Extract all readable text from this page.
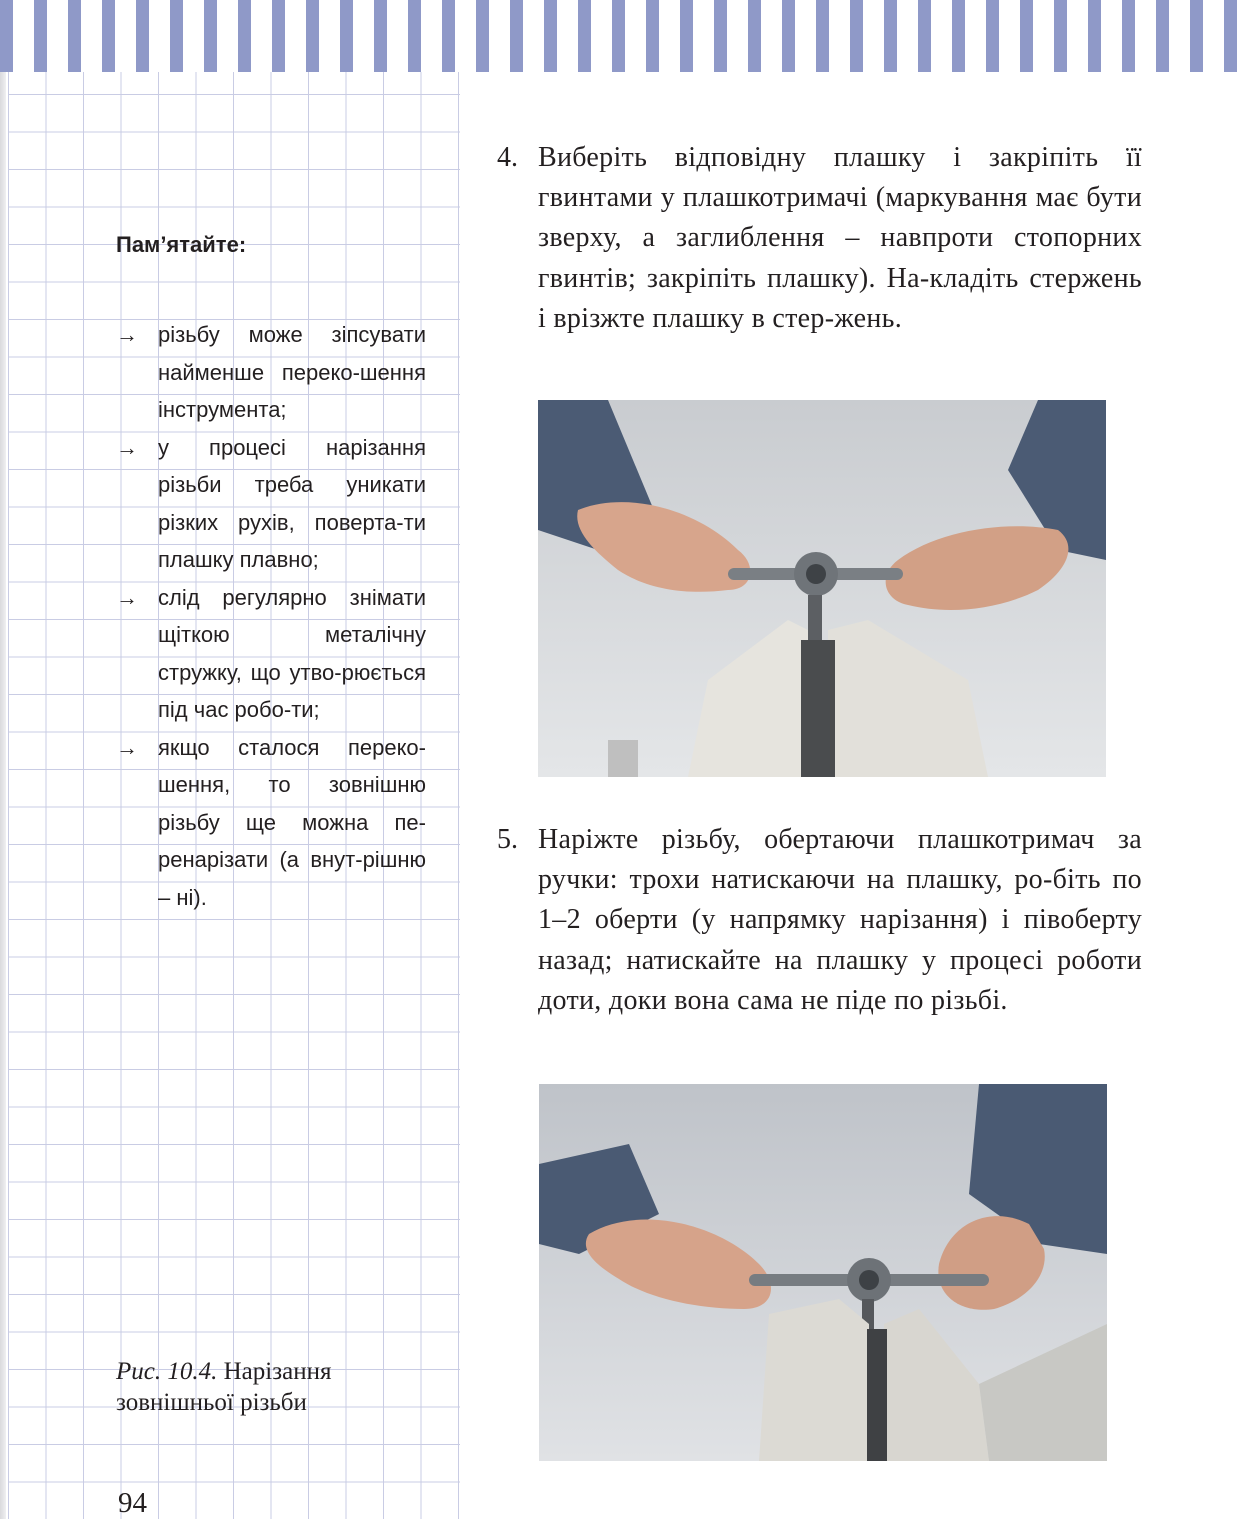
Пам’ятайте:
→ різьбу може зіпсувати найменше переко-шення інструмента;
→ у процесі нарізання різьби треба уникати різких рухів, поверта-ти плашку плавно;
→ слід регулярно знімати щіткою металічну стружку, що утво-рюється під час робо-ти;
→ якщо сталося переко-шення, то зовнішню різьбу ще можна пе-ренарізати (а внут-рішню – ні).
Рис. 10.4. Нарізання зовнішньої різьби
94
4. Виберіть відповідну плашку і закріпіть її гвинтами у плашкотримачі (маркування має бути зверху, а заглиблення – навпроти стопорних гвинтів; закріпіть плашку). На-кладіть стержень і врізжте плашку в стер-жень.

5. Наріжте різьбу, обертаючи плашкотримач за ручки: трохи натискаючи на плашку, ро-біть по 1–2 оберти (у напрямку нарізання) і півоберту назад; натискайте на плашку у процесі роботи доти, доки вона сама не піде по різьбі.
